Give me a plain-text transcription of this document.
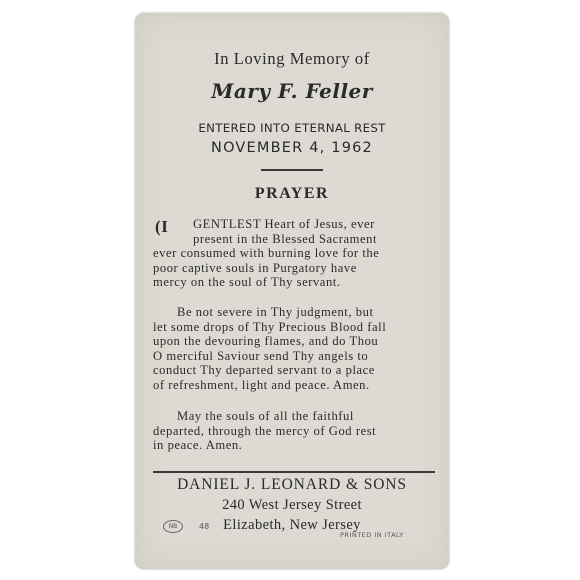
In Loving Memory of
Mary F. Feller
ENTERED INTO ETERNAL REST
NOVEMBER 4, 1962
PRAYER
(I	GENTLEST Heart of Jesus, ever
present in the Blessed Sacrament
ever consumed with burning love for the
poor captive souls in Purgatory have
mercy on the soul of Thy servant.
Be not severe in Thy judgment, but
let some drops of Thy Precious Blood fall
upon the devouring flames, and do Thou
O merciful Saviour send Thy angels to
conduct Thy departed servant to a place
of refreshment, light and peace. Amen.
May the souls of all the faithful
departed, through the mercy of God rest
in peace. Amen.
DANIEL J. LEONARD & SONS
240 West Jersey Street
Elizabeth, New Jersey
NB	48
PRINTED IN ITALY
